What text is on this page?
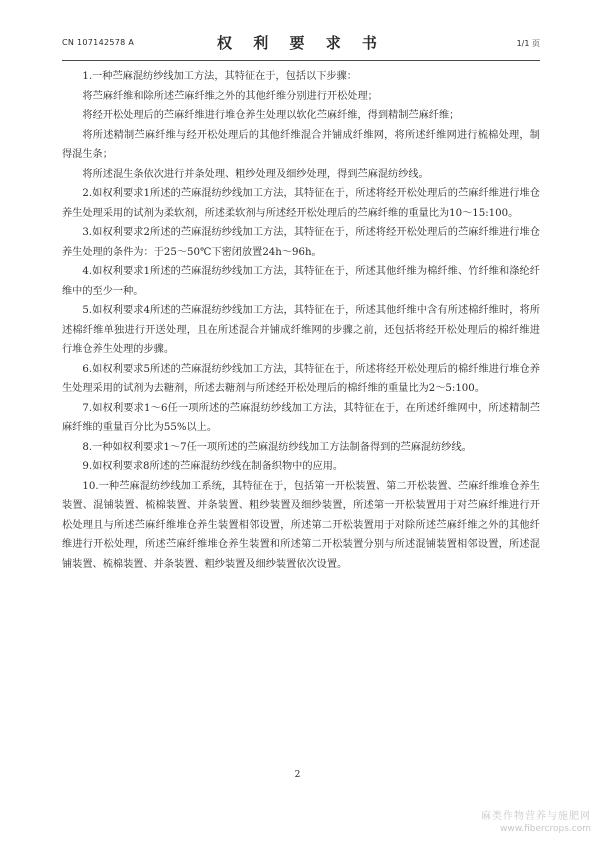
CN 107142578 A	权 利 要 求 书	1/1 页

1.一种苎麻混纺纱线加工方法，其特征在于，包括以下步骤：

将苎麻纤维和除所述苎麻纤维之外的其他纤维分别进行开松处理；

将经开松处理后的苎麻纤维进行堆仓养生处理以软化苎麻纤维，得到精制苎麻纤维；

将所述精制苎麻纤维与经开松处理后的其他纤维混合并铺成纤维网，将所述纤维网进行梳棉处理，制得混生条；

将所述混生条依次进行并条处理、粗纱处理及细纱处理，得到苎麻混纺纱线。

2.如权利要求1所述的苎麻混纺纱线加工方法，其特征在于，所述将经开松处理后的苎麻纤维进行堆仓养生处理采用的试剂为柔软剂，所述柔软剂与所述经开松处理后的苎麻纤维的重量比为10～15:100。

3.如权利要求2所述的苎麻混纺纱线加工方法，其特征在于，所述将经开松处理后的苎麻纤维进行堆仓养生处理的条件为：于25～50℃下密闭放置24h～96h。

4.如权利要求1所述的苎麻混纺纱线加工方法，其特征在于，所述其他纤维为棉纤维、竹纤维和涤纶纤维中的至少一种。

5.如权利要求4所述的苎麻混纺纱线加工方法，其特征在于，所述其他纤维中含有所述棉纤维时，将所述棉纤维单独进行开送处理，且在所述混合并铺成纤维网的步骤之前，还包括将经开松处理后的棉纤维进行堆仓养生处理的步骤。

6.如权利要求5所述的苎麻混纺纱线加工方法，其特征在于，所述将经开松处理后的棉纤维进行堆仓养生处理采用的试剂为去糖剂，所述去糖剂与所述经开松处理后的棉纤维的重量比为2～5:100。

7.如权利要求1～6任一项所述的苎麻混纺纱线加工方法，其特征在于，在所述纤维网中，所述精制苎麻纤维的重量百分比为55%以上。

8.一种如权利要求1～7任一项所述的苎麻混纺纱线加工方法制备得到的苎麻混纺纱线。

9.如权利要求8所述的苎麻混纺纱线在制备织物中的应用。

10.一种苎麻混纺纱线加工系统，其特征在于，包括第一开松装置、第二开松装置、苎麻纤维堆仓养生装置、混铺装置、梳棉装置、并条装置、粗纱装置及细纱装置，所述第一开松装置用于对苎麻纤维进行开松处理且与所述苎麻纤维堆仓养生装置相邻设置，所述第二开松装置用于对除所述苎麻纤维之外的其他纤维进行开松处理，所述苎麻纤维堆仓养生装置和所述第二开松装置分别与所述混铺装置相邻设置，所述混铺装置、梳棉装置、并条装置、粗纱装置及细纱装置依次设置。

2
麻类作物营养与施肥网
www.fibercrops.com
